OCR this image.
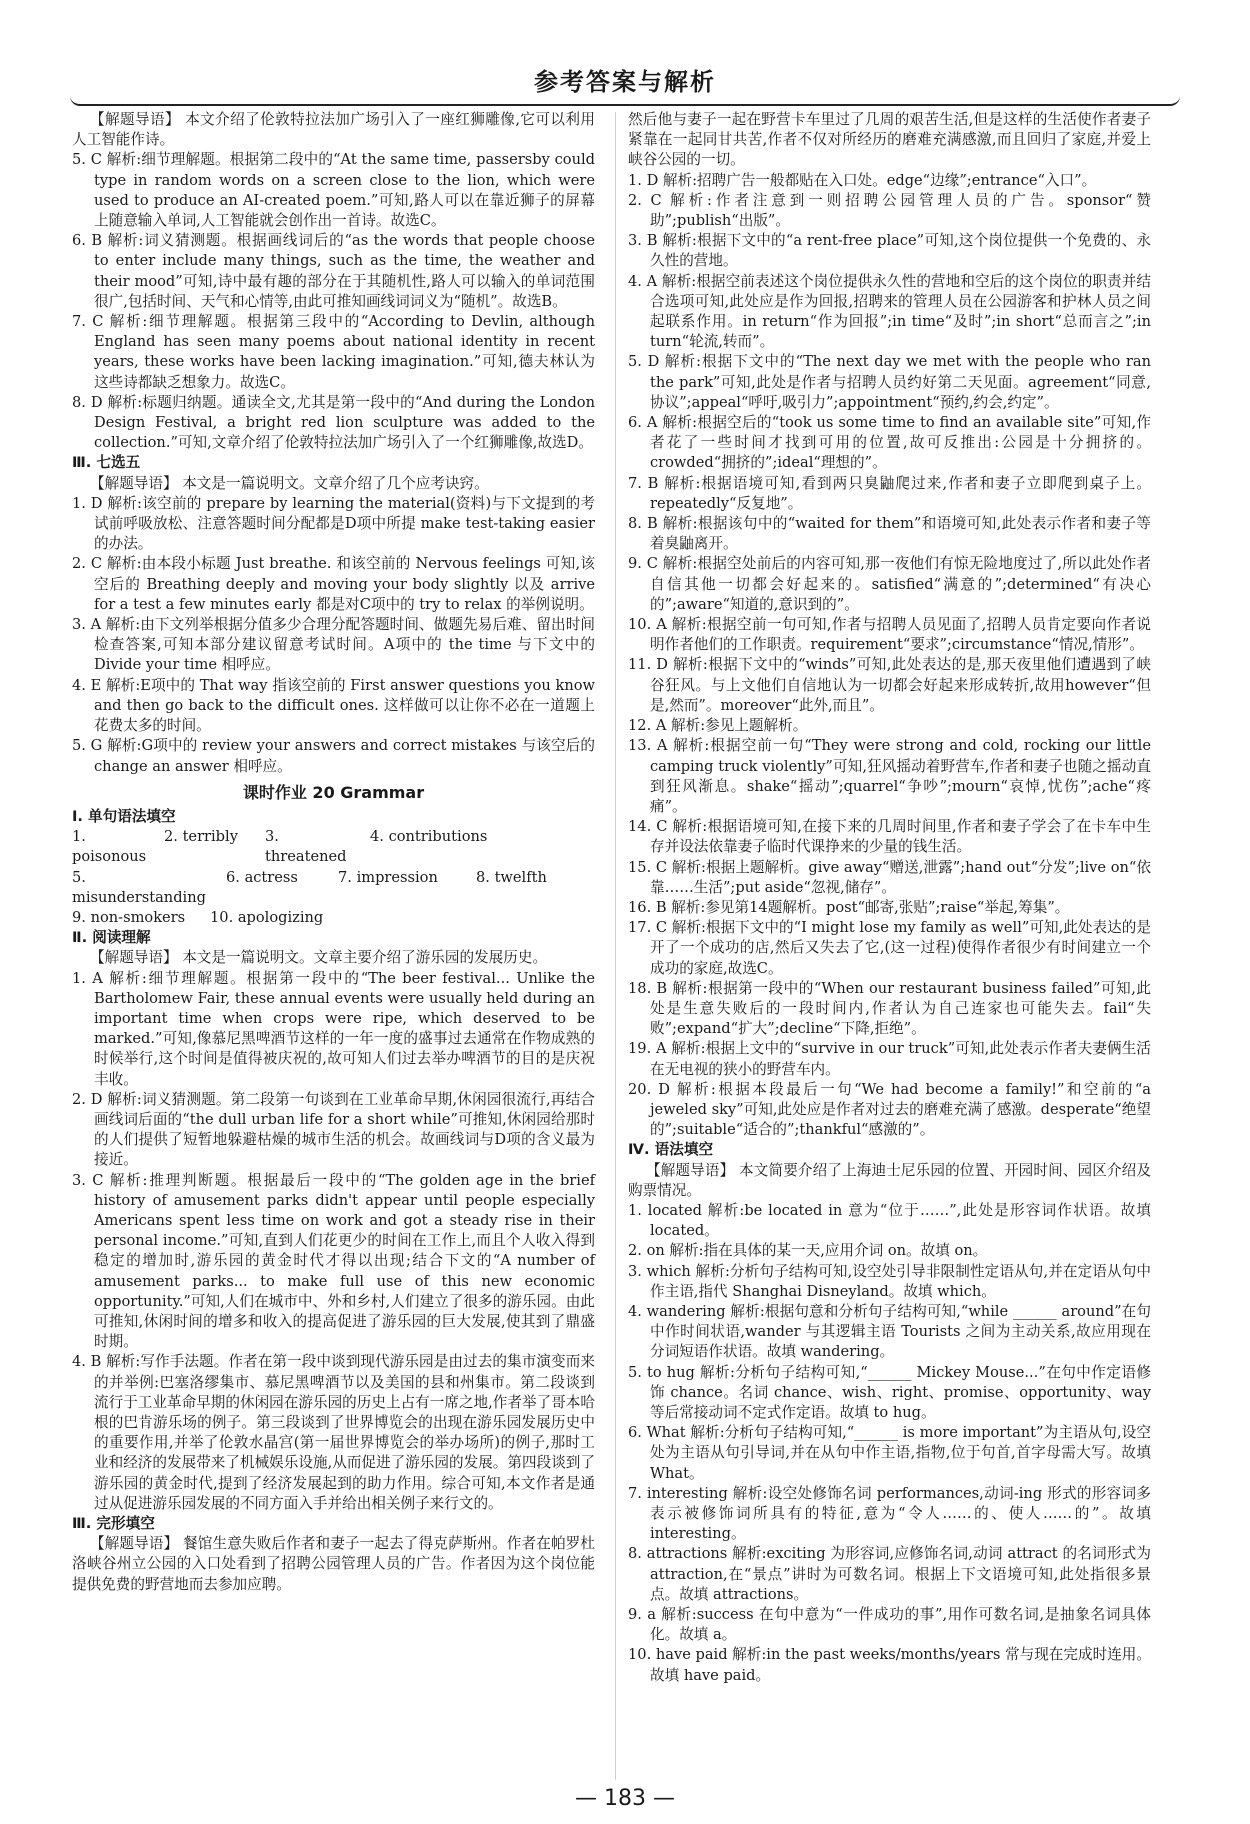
参考答案与解析

【解题导语】 本文介绍了伦敦特拉法加广场引入了一座红狮雕像,它可以利用人工智能作诗。

5. C 解析:细节理解题。根据第二段中的“At the same time, passersby could type in random words on a screen close to the lion, which were used to produce an AI-created poem.”可知,路人可以在靠近狮子的屏幕上随意输入单词,人工智能就会创作出一首诗。故选C。

6. B 解析:词义猜测题。根据画线词后的“as the words that people choose to enter include many things, such as the time, the weather and their mood”可知,诗中最有趣的部分在于其随机性,路人可以输入的单词范围很广,包括时间、天气和心情等,由此可推知画线词词义为“随机”。故选B。

7. C 解析:细节理解题。根据第三段中的“According to Devlin, although England has seen many poems about national identity in recent years, these works have been lacking imagination.”可知,德夫林认为这些诗都缺乏想象力。故选C。

8. D 解析:标题归纳题。通读全文,尤其是第一段中的“And during the London Design Festival, a bright red lion sculpture was added to the collection.”可知,文章介绍了伦敦特拉法加广场引入了一个红狮雕像,故选D。

Ⅲ. 七选五

【解题导语】 本文是一篇说明文。文章介绍了几个应考诀窍。

1. D 解析:该空前的 prepare by learning the material(资料)与下文提到的考试前呼吸放松、注意答题时间分配都是D项中所提 make test-taking easier 的办法。

2. C 解析:由本段小标题 Just breathe. 和该空前的 Nervous feelings 可知,该空后的 Breathing deeply and moving your body slightly 以及 arrive for a test a few minutes early 都是对C项中的 try to relax 的举例说明。

3. A 解析:由下文列举根据分值多少合理分配答题时间、做题先易后难、留出时间检查答案,可知本部分建议留意考试时间。A项中的 the time 与下文中的 Divide your time 相呼应。

4. E 解析:E项中的 That way 指该空前的 First answer questions you know and then go back to the difficult ones. 这样做可以让你不必在一道题上花费太多的时间。

5. G 解析:G项中的 review your answers and correct mistakes 与该空后的 change an answer 相呼应。

课时作业 20 Grammar

Ⅰ. 单句语法填空

1. poisonous
2. terribly	3. threatened
4. contributions
5. misunderstanding
6. actress	7. impression	8. twelfth
9. non-smokers	10. apologizing

Ⅱ. 阅读理解

【解题导语】 本文是一篇说明文。文章主要介绍了游乐园的发展历史。

1. A 解析:细节理解题。根据第一段中的“The beer festival... Unlike the Bartholomew Fair, these annual events were usually held during an important time when crops were ripe, which deserved to be marked.”可知,像慕尼黑啤酒节这样的一年一度的盛事过去通常在作物成熟的时候举行,这个时间是值得被庆祝的,故可知人们过去举办啤酒节的目的是庆祝丰收。

2. D 解析:词义猜测题。第二段第一句谈到在工业革命早期,休闲园很流行,再结合画线词后面的“the dull urban life for a short while”可推知,休闲园给那时的人们提供了短暂地躲避枯燥的城市生活的机会。故画线词与D项的含义最为接近。

3. C 解析:推理判断题。根据最后一段中的“The golden age in the brief history of amusement parks didn't appear until people especially Americans spent less time on work and got a steady rise in their personal income.”可知,直到人们花更少的时间在工作上,而且个人收入得到稳定的增加时,游乐园的黄金时代才得以出现;结合下文的“A number of amusement parks... to make full use of this new economic opportunity.”可知,人们在城市中、外和乡村,人们建立了很多的游乐园。由此可推知,休闲时间的增多和收入的提高促进了游乐园的巨大发展,使其到了鼎盛时期。

4. B 解析:写作手法题。作者在第一段中谈到现代游乐园是由过去的集市演变而来的并举例:巴塞洛缪集市、慕尼黑啤酒节以及美国的县和州集市。第二段谈到流行于工业革命早期的休闲园在游乐园的历史上占有一席之地,作者举了哥本哈根的巴肯游乐场的例子。第三段谈到了世界博览会的出现在游乐园发展历史中的重要作用,并举了伦敦水晶宫(第一届世界博览会的举办场所)的例子,那时工业和经济的发展带来了机械娱乐设施,从而促进了游乐园的发展。第四段谈到了游乐园的黄金时代,提到了经济发展起到的助力作用。综合可知,本文作者是通过从促进游乐园发展的不同方面入手并给出相关例子来行文的。

Ⅲ. 完形填空

【解题导语】 餐馆生意失败后作者和妻子一起去了得克萨斯州。作者在帕罗杜洛峡谷州立公园的入口处看到了招聘公园管理人员的广告。作者因为这个岗位能提供免费的野营地而去参加应聘。

然后他与妻子一起在野营卡车里过了几周的艰苦生活,但是这样的生活使作者妻子紧靠在一起同甘共苦,作者不仅对所经历的磨难充满感激,而且回归了家庭,并爱上峡谷公园的一切。

1. D 解析:招聘广告一般都贴在入口处。edge“边缘”;entrance“入口”。

2. C 解析:作者注意到一则招聘公园管理人员的广告。sponsor“赞助”;publish“出版”。

3. B 解析:根据下文中的“a rent-free place”可知,这个岗位提供一个免费的、永久性的营地。

4. A 解析:根据空前表述这个岗位提供永久性的营地和空后的这个岗位的职责并结合选项可知,此处应是作为回报,招聘来的管理人员在公园游客和护林人员之间起联系作用。in return“作为回报”;in time“及时”;in short“总而言之”;in turn“轮流,转而”。

5. D 解析:根据下文中的“The next day we met with the people who ran the park”可知,此处是作者与招聘人员约好第二天见面。agreement“同意,协议”;appeal“呼吁,吸引力”;appointment“预约,约会,约定”。

6. A 解析:根据空后的“took us some time to find an available site”可知,作者花了一些时间才找到可用的位置,故可反推出:公园是十分拥挤的。crowded“拥挤的”;ideal“理想的”。

7. B 解析:根据语境可知,看到两只臭鼬爬过来,作者和妻子立即爬到桌子上。repeatedly“反复地”。

8. B 解析:根据该句中的“waited for them”和语境可知,此处表示作者和妻子等着臭鼬离开。

9. C 解析:根据空处前后的内容可知,那一夜他们有惊无险地度过了,所以此处作者自信其他一切都会好起来的。satisfied“满意的”;determined“有决心的”;aware“知道的,意识到的”。

10. A 解析:根据空前一句可知,作者与招聘人员见面了,招聘人员肯定要向作者说明作者他们的工作职责。requirement“要求”;circumstance“情况,情形”。

11. D 解析:根据下文中的“winds”可知,此处表达的是,那天夜里他们遭遇到了峡谷狂风。与上文他们自信地认为一切都会好起来形成转折,故用however“但是,然而”。moreover“此外,而且”。

12. A 解析:参见上题解析。

13. A 解析:根据空前一句“They were strong and cold, rocking our little camping truck violently”可知,狂风摇动着野营车,作者和妻子也随之摇动直到狂风渐息。shake“摇动”;quarrel“争吵”;mourn“哀悼,忧伤”;ache“疼痛”。

14. C 解析:根据语境可知,在接下来的几周时间里,作者和妻子学会了在卡车中生存并设法依靠妻子临时代课挣来的少量的钱生活。

15. C 解析:根据上题解析。give away“赠送,泄露”;hand out“分发”;live on“依靠……生活”;put aside“忽视,储存”。

16. B 解析:参见第14题解析。post“邮寄,张贴”;raise“举起,筹集”。

17. C 解析:根据下文中的“I might lose my family as well”可知,此处表达的是开了一个成功的店,然后又失去了它,(这一过程)使得作者很少有时间建立一个成功的家庭,故选C。

18. B 解析:根据第一段中的“When our restaurant business failed”可知,此处是生意失败后的一段时间内,作者认为自己连家也可能失去。fail“失败”;expand“扩大”;decline“下降,拒绝”。

19. A 解析:根据上文中的“survive in our truck”可知,此处表示作者夫妻俩生活在无电视的狭小的野营车内。

20. D 解析:根据本段最后一句“We had become a family!”和空前的“a jeweled sky”可知,此处应是作者对过去的磨难充满了感激。desperate“绝望的”;suitable“适合的”;thankful“感激的”。

Ⅳ. 语法填空

【解题导语】 本文简要介绍了上海迪士尼乐园的位置、开园时间、园区介绍及购票情况。

1. located 解析:be located in 意为“位于……”,此处是形容词作状语。故填 located。

2. on 解析:指在具体的某一天,应用介词 on。故填 on。

3. which 解析:分析句子结构可知,设空处引导非限制性定语从句,并在定语从句中作主语,指代 Shanghai Disneyland。故填 which。

4. wandering 解析:根据句意和分析句子结构可知,“while ______ around”在句中作时间状语,wander 与其逻辑主语 Tourists 之间为主动关系,故应用现在分词短语作状语。故填 wandering。

5. to hug 解析:分析句子结构可知,“______ Mickey Mouse...”在句中作定语修饰 chance。名词 chance、wish、right、promise、opportunity、way 等后常接动词不定式作定语。故填 to hug。

6. What 解析:分析句子结构可知,“______ is more important”为主语从句,设空处为主语从句引导词,并在从句中作主语,指物,位于句首,首字母需大写。故填 What。

7. interesting 解析:设空处修饰名词 performances,动词-ing 形式的形容词多表示被修饰词所具有的特征,意为“令人……的、使人……的”。故填 interesting。

8. attractions 解析:exciting 为形容词,应修饰名词,动词 attract 的名词形式为 attraction,在“景点”讲时为可数名词。根据上下文语境可知,此处指很多景点。故填 attractions。

9. a 解析:success 在句中意为“一件成功的事”,用作可数名词,是抽象名词具体化。故填 a。

10. have paid 解析:in the past weeks/months/years 常与现在完成时连用。故填 have paid。

— 183 —
